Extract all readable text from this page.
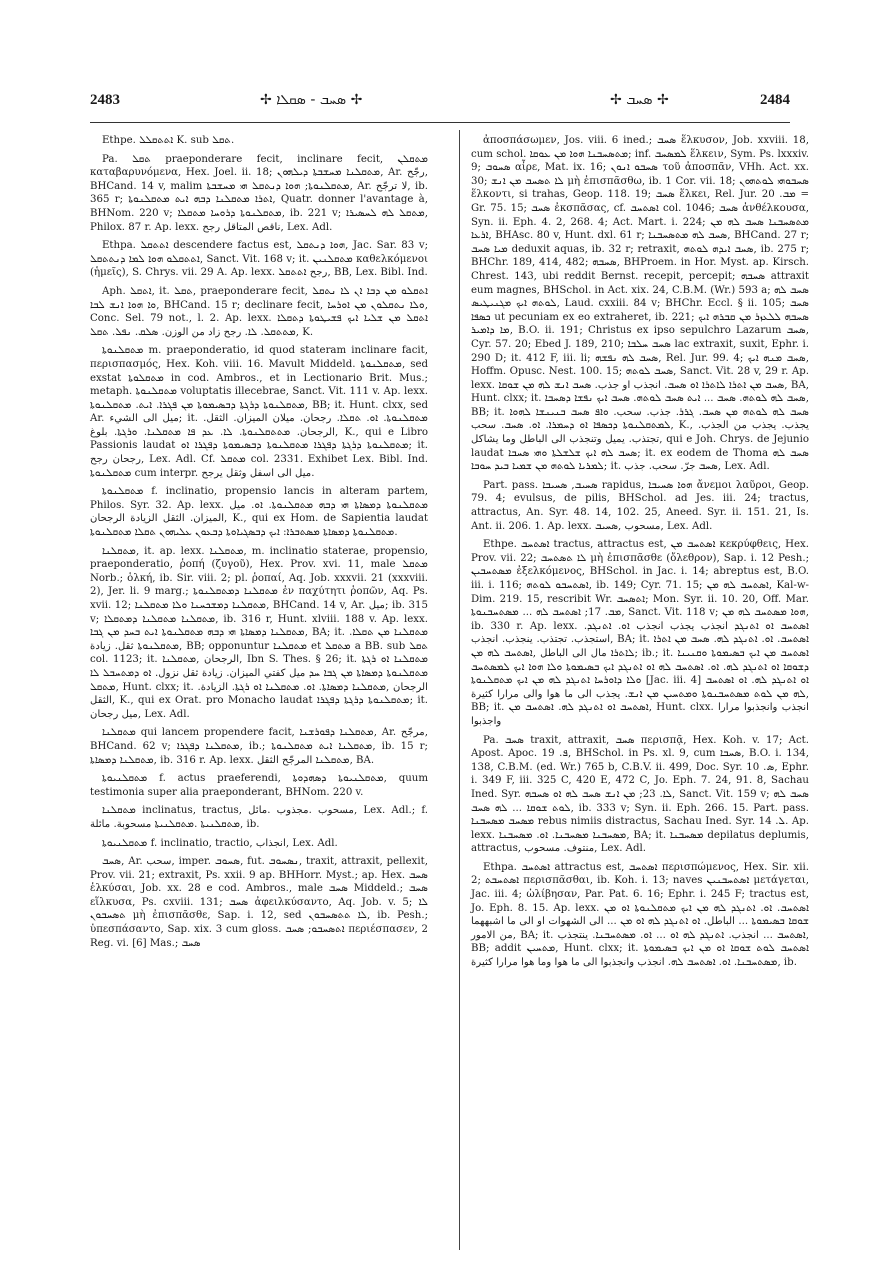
2483	✢ ܣܚܒ - ܣܩܠܐ ✢	✢ ܣܚܒ ✢	2484

Ethpe. ܐܬܬܩܠܠ K. sub ܬܩܠ.

Pa. ܬܩܠ praeponderare fecit, inclinare fecit, ܡܬܩܠܢ καταβαρυνόμενα, Hex. Joel. ii. 18; ܡܬܩܠܢܐ ܡܚܫܒܬܐ ܕܝܠܗܘܢ, Ar. رجّح, BHCand. 14 v, malim ܡܬܩܠܢܘܬܐ; ܗܘܐ ܕܢܬܩܠ ܗܝ ܡܚܫܒܬܐ, Ar. لا ترجّح, ib. 365 r; ܐܬܪܐ ܡܬܩܠܢܐ ܕܒܗ ܐܝܬ ܡܬܩܠܢܘܬܐ, Quatr. donner l'avantage à, BHNom. 220 v; ܡܬܩܠܢܘܬܐ ܕܪܘܚܐ ܡܬܩܠܐ, ib. 221 v; ܡܬܩܠ ܠܗ ܠܚܣܝܪܐ, Philox. 87 r. Ap. lexx. ناقص المتاقل رجح, Lex. Adl.

Ethpa. ܐܬܬܩܠ descendere factus est, ܗܘܐ ܕܢܬܩܠ, Jac. Sar. 83 v; ܐܬܬܩܠܘ ܗܘܐ ܠܡܐ ܕܢܬܬܩܠ, Sanct. Vit. 168 v; it. ܡܬܩܠܢܝܢ καθελκόμενοι (ἡμεῖς), S. Chrys. vii. 29 A. Ap. lexx. رجح ܐܬܬܩܠ, BB, Lex. Bibl. Ind.

Aph. ܐܬܩܠ, it. ܬܩܠ, praeponderare fecit, ܐܬܩܠܘ ܡܢ ܕܒܐ ܐܢ ܠܐ ܢܬܩܠ ܘܐ ܗܘܐ ܐܢܫ ܠܒܐ, BHCand. 15 r; declinare fecit, ܘܠܐ ܢܬܩܠܘܢ ܡܢ ܐܘܪܚܐ, Conc. Sel. 79 not., l. 2. Ap. lexx. ܐܬܩܠ ܡܢ ܫܠܝܐ ܐܝܟ ܦܫܝܛܘܬܐ ܕܬܩܠܐ ܡܬܬܩܠ. ܠܐ. رجح زاد من الوزن. ܣܠܩ. ܢܦܠ. ܬܩܠ, K.

ܡܬܩܠܢܘܬܐ m. praeponderatio, id quod stateram inclinare facit, περισπασμός, Hex. Koh. viii. 16. Mavult Middeld. ܡܬܩܠܢܘܬܐ, sed exstat ܡܬܩܠܘܬܐ in cod. Ambros., et in Lectionario Brit. Mus.; metaph. ܡܬܩܠܢܘܬܐ voluptatis illecebrae, Sanct. Vit. 111 v. Ap. lexx. ܡܬܩܠܢܘܬܐ ܕܪܓܬܐ ܕܒܣܝܡܘܬܐ ܡܢ ܦܓܪܐ. ܐܝܬ. ܡܬܩܠܢܘܬܐ, BB; it. Hunt. clxx, sed Ar. ميل الى الشيء; it. ܡܬܩܠܢܘܬܐ. ܐܘ. ܬܩܠܐ. رجحان. ميلان الميزان. الثقل. الرجحان. ܡܬܬܩܠܢܘܬܐ. ܠܐ. ܥܕ ܦܐ ܡܬܩܠܢܐ. ܘܪܓܬܐ. بلوغ, K., qui e Libro Passionis laudat ܡܬܩܠܢܘܬܐ ܕܪܓܬܐ ܕܦܓܪܐ ܡܬܩܠܢܘܬܐ ܕܒܣܝܡܘܬܐ ܕܦܓܪܐ ܐܘ; it. رجحان رجح, Lex. Adl. Cf. ܡܬܩܠ col. 2331. Exhibet Lex. Bibl. Ind. ܡܬܩܠܢܘܬܐ cum interpr. ميل الى اسفل وثقل يرجح.

ܡܬܩܠܢܘܬܐ f. inclinatio, propensio lancis in alteram partem, Philos. Syr. 32. Ap. lexx. ܡܬܩܠܢܘܬܐ ܕܡܣܐܬܐ ܗܝ ܕܒܗ ܡܬܩܠܢܘܬܐ. ܐܘ. ميل الميزان. الثقل الزيادة الرجحان, K., qui ex Hom. de Sapientia laudat ܡܬܩܠܢܘܬܐ ܕܡܣܐܬܐ ܡܣܬܒܪܐ: ܐܝܟ ܕܒܣܓܝܐܘܬܐ ܕܒܥܘܢ ܥܠܝܗܘܢ ܬܩܠܐ ܡܬܩܠܢܘܬܐ.

ܡܬܩܠܢܐ, it. ap. lexx. ܡܬܩܠܢܐ, m. inclinatio staterae, propensio, praeponderatio, ῥοπή (ζυγοῦ), Hex. Prov. xvi. 11, male ܡܬܩܠ Norb.; ὁλκή, ib. Sir. viii. 2; pl. ῥοπαί, Aq. Job. xxxvii. 21 (xxxviii. 2), Jer. li. 9 marg.; ܡܬܩܠܢܐ ܕܡܬܩܠܢܘܬܐ ἐν παχύτητι ῥοπῶν, Aq. Ps. xvii. 12; ܡܬܩܠܢܐ ܕܡܫܟܚܢܐ ܘܠܐ ܡܬܩܠܢܐ, BHCand. 14 v, Ar. ميل; ib. 315 v; ܡܬܩܠܢܐ ܡܬܩܠܢܐ ܕܡܬܩܠܐ, ib. 316 r, Hunt. xlviii. 188 v. Ap. lexx. ܡܬܩܠܢܐ ܕܡܣܐܬܐ ܗܝ ܕܒܗ ܡܬܩܠܢܘܬܐ ܐܝܬ ܒܚܕ ܡܢ ܓܒܐ, BA; it. ܡܬܩܠܢܐ ܡܢ ܬܩܠܐ. ܡܬܩܠܢܘܬܐ ثقل. زيادة, BB; opponuntur ܡܬܩܠܢܐ et ܡܬܩܠ a BB. sub ܬܩܠ col. 1123; it. الرجحان ,ܡܬܩܠܢܐ, Ibn S. Thes. § 26; it. ܡܬܩܠܢܐ ܐܘ ܪܓܬܐ ܡܬܩܠܢܘܬܐ ܕܡܣܐܬܐ ܡܢ ܓܒܐ ܚܕ ميل كفتي الميزان. زيادة ثقل نزول. ܐܘ ܕܡܬܚܒܠ ܠܐ ܡܬܩܠ, Hunt. clxx; it. الرجحان ,ܡܬܩܠܢܐ ܕܡܣܐܬܐ. ܐܘ. ܡܬܩܠܢܐ ܐܘ ܪܓܬܐ. الزيادة. الثقل, K., qui ex Orat. pro Monacho laudat ܡܬܩܠܢܘܬܐ ܕܪܓܬܐ ܕܦܓܪܐ; it. ميل رجحان, Lex. Adl.

ܡܬܩܠܢܐ qui lancem propendere facit, ܡܬܩܠܢܐ ܕܦܘܪܫܢܐ, Ar. مرجّح, BHCand. 62 v; ܡܬܩܠܢܐ ܕܦܓܪܐ, ib.; ܡܬܩܠܢܐ ܐܝܬ ܡܬܩܠܢܘܬܐ, ib. 15 r; ܡܬܩܠܢܐ ܕܡܣܐܬܐ, ib. 316 r. Ap. lexx. ܡܬܩܠܢܐ المرجّح الثقل, BA.

ܡܬܩܠܢܝܘܬܐ f. actus praeferendi, ܡܬܩܠܢܝܘܬܐ ܕܣܗܕܘܬܐ, quum testimonia super alia praeponderant, BHNom. 220 v.

ܡܬܩܠܢܐ inclinatus, tractus, مسحوب .مجذوب .مائل, Lex. Adl.; f. ܡܬܩܠܢܝܬܐ .ܡܬܩܠܢܝܬܐ مسحوبة. مائلة, ib.

ܡܬܩܠܢܝܘܬܐ f. inclinatio, tractio, انجذاب, Lex. Adl.

ܣܚܒ, Ar. سحب, imper. ܣܚܘܒ, fut. ܢܣܚܘܒ, traxit, attraxit, pellexit, Prov. vii. 21; extraxit, Ps. xxii. 9 ap. BHHorr. Myst.; ap. Hex. ܣܚܒ ἑλκύσαι, Job. xx. 28 e cod. Ambros., male ܣܚܒ Middeld.; ܣܚܒ εἵλκυσα, Ps. cxviii. 131; ܣܚܒ ἀφειλκύσαντο, Aq. Job. v. 5; ܠܐ ܬܣܚܒܘܢ μὴ ἐπισπᾶσθε, Sap. i. 12, sed ܠܐ ܬܬܣܚܒܘܢ, ib. Pesh.; ὑπεσπάσαντο, Sap. xix. 3 cum gloss. ܐܬܣܚܒܘ; ܣܚܒ περιέσπασεν, 2 Reg. vi. [6] Mas.; ܣܚܒ

ἀποσπάσωμεν, Jos. viii. 6 ined.; ܣܚܒ ἕλκυσον, Job. xxviii. 18, cum schol. ܡܬܣܚܒܢܐ ܗܘܐ ܡܢ ܥܘܩܐ; inf. ܠܡܣܚܒ ἕλκειν, Sym. Ps. lxxxiv. 9; ܣܚܘܒ αἶρε, Mat. ix. 16; ܣܚܒܘ ܐܢܘܢ τοῦ ἀποσπᾶν, VHh. Act. xx. 30; ܠܐ ܬܣܚܒ ܡܢ ܐܢܫ μὴ ἐπισπᾶσθω, ib. 1 Cor. vii. 18; ܣܚܒܘܗܝ ܠܘܬܗܘܢ ἕλκοντι, si trahas, Geop. 118. 19; ܣܚܒ ἕλκει, Rel. Jur. ܡܒ. 20 = Gr. 75. 15; ܣܚܒ ἐκσπᾶσας, cf. ܐܣܬܚܒ col. 1046; ܣܚܒ ἀνθέλκουσα, Syn. ii. Eph. 4. 2, 268. 4; Act. Mart. i. 224; ܡܬܣܚܒܢܐ ܣܚܒ ܠܗ ܡܢ ܐܪܥܐ, BHAsc. 80 v, Hunt. dxl. 61 r; ܣܚܒ ܠܗ ܡܬܣܚܒܢܐ, BHCand. 27 r; ܡܝܐ ܣܚܒ deduxit aquas, ib. 32 r; retraxit, ܣܚܒ ܐܝܕܗ ܠܘܬܗ, ib. 275 r; BHChr. 189, 414, 482; ܣܚܒܗ, BHProem. in Hor. Myst. ap. Kirsch. Chrest. 143, ubi reddit Bernst. recepit, percepit; ܣܚܒܗ attraxit eum magnes, BHSchol. in Act. xix. 24, C.B.M. (Wr.) 593 a; ܣܚܒ ܠܗ ܠܘܬܗ ܐܝܟ ܡܓܢܝܛܝܣ, Laud. cxxiii. 84 v; BHChr. Eccl. § ii. 105; ܣܚܒ ܟܣܦܐ ut pecuniam ex eo extraheret, ib. 221; ܣܚܒܗ ܠܠܥܙܪ ܡܢ ܩܒܪܗ ܐܝܟ ܡܐ ܕܐܡܝܪ, B.O. ii. 191; Christus ex ipso sepulchro Lazarum ܣܚܒ, Cyr. 57. 20; Ebed J. 189, 210; ܣܚܒ ܚܠܒܐ lac extraxit, suxit, Ephr. i. 290 D; it. 412 F, iii. li; ܣܚܒ ܠܗ ܢܦܫܗ, Rel. Jur. 99. 4; ܣܚܒ ܡܢܗ ܐܝܟ, Hoffm. Opusc. Nest. 100. 15; ܣܚܒ ܠܘܬܗ, Sanct. Vit. 28 v, 29 r. Ap. lexx. ܣܚܒ ܡܢ ܐܬܪܐ ܠܐܬܪܐ ܐܘ ܣܚܒ. انجذب او جذب. ܣܚܒ ܐܢܫ ܠܗ ܡܢ ܫܘܩܐ, BA, Hunt. clxx; it. ܣܚܒ ܠܗ ܠܘܬܗ. ܣܚܒ ... ܐܝܬ ܣܚܒ ܠܘܬܗ. ܣܚܒ ܐܝܟ ܢܦܫܐ ܕܣܚܒܐ, BB; it. ܣܚܒ ܠܗ ܠܘܬܗ ܡܢ ܣܚܒ. ܓܪܪ. جذب. سحب. ܘܐܦ ܣܚܒ ܒܢܝܢܫܐ ܠܗܘܐ ܠܡܬܩܠܢܘܬܐ ܕܟܣܦܐ ܐܘ ܕܚܡܪܐ. ܐܘ. ܣܚܒ. سحب, K., يجذب. يجذب من الجذب. تجتذب. يميل وتنجذب الى الباطل وما يشاكل, qui e Joh. Chrys. de Jejunio laudat ܣܚܒ ܠܗ ܐܝܟ ܫܠܫܠܬܐ ܘܗܝ ܣܚܒܐ; it. ex eodem de Thoma ܣܚܒ ܠܗ ܠܡܪܝܐ ܠܘܬܗ ܡܢ ܫܡܝܐ ܒܝܕ ܚܘܒܐ; it. ܣܚܒ جرّ. سحب. جذب, Lex. Adl.

Part. pass. ܣܚܝܒ, ܣܚܝܒܐ rapidus, ܗܘܐ ܣܚܝܒܐ ἄνεμοι λαῦροι, Geop. 79. 4; evulsus, de pilis, BHSchol. ad Jes. iii. 24; tractus, attractus, An. Syr. 48. 14, 102. 25, Aneed. Syr. ii. 151. 21, Is. Ant. ii. 206. 1. Ap. lexx. مسحوب ,ܣܚܝܒ, Lex. Adl.

Ethpe. ܐܣܬܚܒ tractus, attractus est, ܐܣܬܚܒ ܡܢ κεκρύφθεις, Hex. Prov. vii. 22; ܠܐ ܬܣܬܚܒ μὴ ἐπισπᾶσθε (ὄλεθρον), Sap. i. 12 Pesh.; ܡܣܬܚܒܝܢ ἐξελκόμενος, BHSchol. in Jac. i. 14; abreptus est, B.O. iii. i. 116; ܐܣܬܚܒܘ ܠܘܬܗ, ib. 149; Cyr. 71. 15; ܐܣܬܚܒ ܠܗ ܡܢ, Kal-w-Dim. 219. 15, rescribit Wr. ܐܬܣܚܒ; Mon. Syr. ii. 10. 20, Off. Mar. ܡܒ. 17; ܐܣܬܚܒ ܠܗ ... ܡܣܬܚܒܢܘܬܐ, Sanct. Vit. 118 v; ܗܘܐ ܡܣܬܚܒ ܠܗ ܡܢ, ib. 330 r. Ap. lexx. ܐܣܬܚܒ ܐܘ ܐܬܢܓܕ انجذب يجذب انجذب ܐܘ. ܐܬܢܓܕ. استجذب. تجتذب. ينجذب. انجذب, BA; it. ܐܣܬܚܒ. ܐܘ. ܐܬܢܓܕ ܠܗ. ܣܚܒ ܡܢ ܐܬܪܐ ܠܐܬܪܐ مال الى الباطل ,ܐܣܬܚܒ ܠܗ ܡܢ; ib.; it. ܐܣܬܚܒ ܡܢ ܐܝܟ ܒܣܝܡܘܬܐ ܘܩܢܝܢܐ ܕܫܘܩܐ ܐܘ ܐܬܢܓܕ ܠܗ. ܐܘ. ܐܣܬܚܒ ܠܗ ܐܘ ܐܬܢܓܕ ܐܝܟ ܒܣܝܡܘܬܐ ܘܠܐ ܗܘܐ ܐܝܟ ܠܡܣܬܚܒ ܘܠܐ ܕܐܘܪܚܐ ܐܬܢܓܕ ܠܗ ܡܢ ܐܝܟ ܡܬܩܠܢܘܬܐ [Jac. iii. 4] ܐܘ ܐܬܢܓܕ ܠܗ. ܐܘ ܐܣܬܚܒ ܠܗ ܡܢ ܠܘܬ ܡܣܬܚܒܢܘܬܐ ܘܡܬܚܝܢ ܡܢ ܐܢܫ. يجذب الى ما هوا والى مرارا كثيرة, BB; it. ܐܣܬܚܒ ܐܘ ܐܬܢܓܕ ܠܗ. ܐܣܬܚܒ ܡܢ, Hunt. clxx. انجذب وانجذبوا مرارا واجذبوا

Pa. ܣܚܒ traxit, attraxit, ܣܚܒ περισπᾷ, Hex. Koh. v. 17; Act. Apost. Apoc. ܦ. 19, BHSchol. in Ps. xl. 9, cum ܣܚܒܐ, B.O. i. 134, 138, C.B.M. (ed. Wr.) 765 b, C.B.V. ii. 499, Doc. Syr. ܣ. 10, Ephr. i. 349 F, iii. 325 C, 420 E, 472 C, Jo. Eph. 7. 24, 91. 8, Sachau Ined. Syr. ܠܐ. 23; ܡܢ ܐܢܫ ܣܚܒ ܠܗ ܐܘ ܣܚܒܗ, Sanct. Vit. 159 v; ܣܚܒ ܠܗ ܠܘܬ ܫܘܩܐ ... ܠܗ ܣܚܒ, ib. 333 v; Syn. ii. Eph. 266. 15. Part. pass. ܡܣܚܒ ܡܣܚܒܢܐ rebus nimiis distractus, Sachau Ined. Syr. ܠ. 14. Ap. lexx. ܡܣܚܒܢܐ ܡܣܚܒܢܐ. ܐܘ. ܡܣܚܒܢܐ, BA; it. ܡܣܚܒܢܐ depilatus deplumis, attractus, منتوف. مسحوب, Lex. Adl.

Ethpa. ܐܣܬܚܒ attractus est, ܐܣܬܚܒ περισπώμενος, Hex. Sir. xii. 2; ܐܣܬܚܒܬ περισπᾶσθαι, ib. Koh. i. 13; naves ܐܣܬܚܒܢܝܢ μετάγεται, Jac. iii. 4; ὠλίβησαν, Par. Pat. 6. 16; Ephr. i. 245 F; tractus est, Jo. Eph. 8. 15. Ap. lexx. ܐܣܬܚܒ. ܐܘ. ܐܬܢܓܕ ܠܗ ܡܢ ܐܝܟ ܡܬܩܠܢܘܬܐ ܐܘ ܡܢ ܫܘܩܐ ܒܣܝܡܘܬܐ ... الباطل. ܐܘ ܐܬܢܓܕ ܠܗ ܐܘ ܡܢ ... الى الشهوات او الى ما اشبههما من الامور, BA; it. ܐܣܬܚܒ ... انجذب. ܐܬܢܓܕ ܠܗ ܐܘ ... ܐܘ. ܡܣܬܚܒܢܐ. ينتجذب, BB; addit ܡܬܚܝܢ, Hunt. clxx; it. ܐܣܬܚܒ ܠܘܬ ܫܘܩܐ ܐܘ ܡܢ ܐܝܟ ܒܣܝܡܘܬܐ ܡܣܬܚܒܢܐ. ܐܘ. ܐܣܬܚܒ ܠܗ. انجذب وانجذبوا الى ما هوا وما هوا مرارا كثيرة, ib.
